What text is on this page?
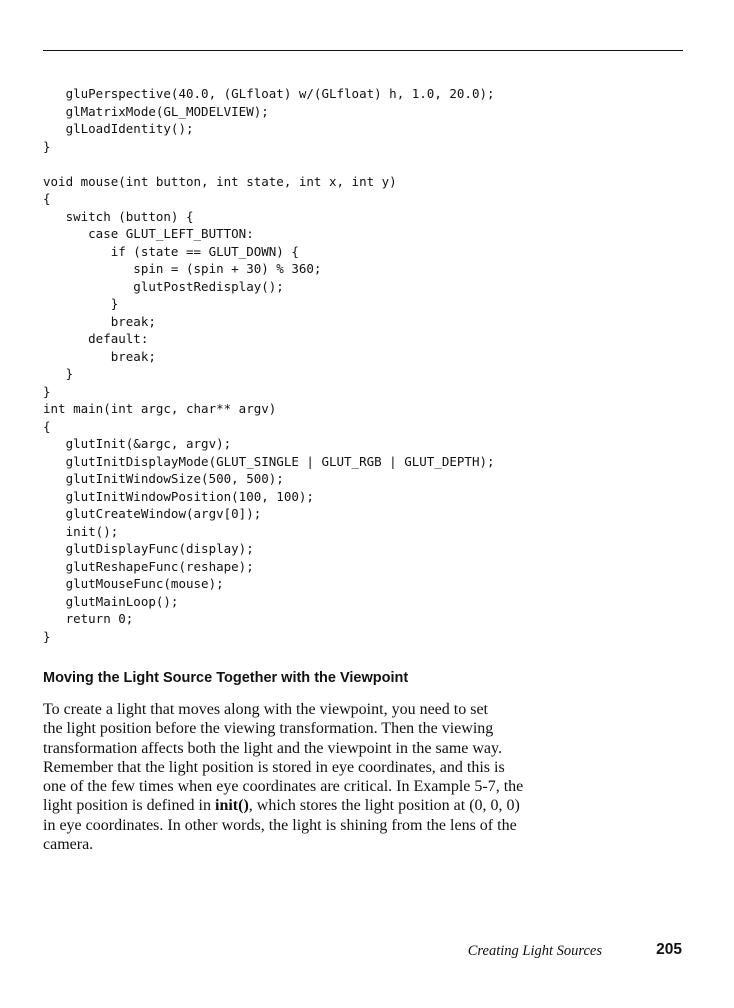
gluPerspective(40.0, (GLfloat) w/(GLfloat) h, 1.0, 20.0);
glMatrixMode(GL_MODELVIEW);
glLoadIdentity();
}
void mouse(int button, int state, int x, int y)
{
switch (button) {
case GLUT_LEFT_BUTTON:
if (state == GLUT_DOWN) {
spin = (spin + 30) % 360;
glutPostRedisplay();
}
break;
default:
break;
}
}
int main(int argc, char** argv)
{
glutInit(&argc, argv);
glutInitDisplayMode(GLUT_SINGLE | GLUT_RGB | GLUT_DEPTH);
glutInitWindowSize(500, 500);
glutInitWindowPosition(100, 100);
glutCreateWindow(argv[0]);
init();
glutDisplayFunc(display);
glutReshapeFunc(reshape);
glutMouseFunc(mouse);
glutMainLoop();
return 0;
}
Moving the Light Source Together with the Viewpoint

To create a light that moves along with the viewpoint, you need to set
the light position before the viewing transformation. Then the viewing
transformation affects both the light and the viewpoint in the same way.
Remember that the light position is stored in eye coordinates, and this is
one of the few times when eye coordinates are critical. In Example 5-7, the
light position is defined in init(), which stores the light position at (0, 0, 0)
in eye coordinates. In other words, the light is shining from the lens of the
camera.

Creating Light Sources	205
